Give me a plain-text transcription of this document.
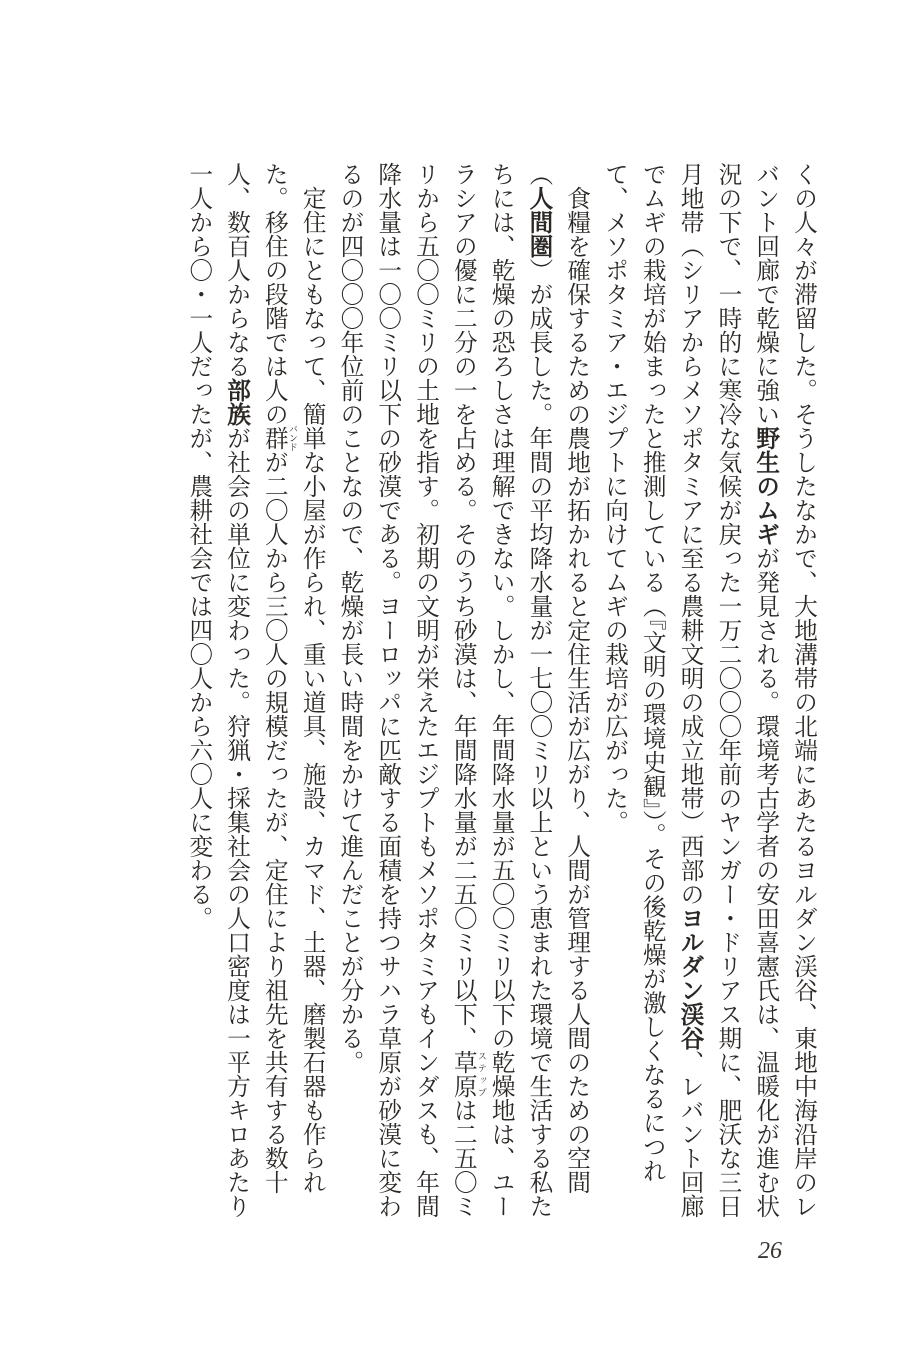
くの人々が滞留した。そうしたなかで、大地溝帯の北端にあたるヨルダン渓谷、東地中海沿岸のレバント回廊で乾燥に強い野生のムギが発見される。環境考古学者の安田喜憲氏は、温暖化が進む状況の下で、一時的に寒冷な気候が戻った一万二〇〇〇年前のヤンガー・ドリアス期に、肥沃な三日月地帯（シリアからメソポタミアに至る農耕文明の成立地帯）西部のヨルダン渓谷、レバント回廊でムギの栽培が始まったと推測している（『文明の環境史観』）。その後乾燥が激しくなるにつれて、メソポタミア・エジプトに向けてムギの栽培が広がった。

食糧を確保するための農地が拓かれると定住生活が広がり、人間が管理する人間のための空間（人間圏）が成長した。年間の平均降水量が一七〇〇ミリ以上という恵まれた環境で生活する私たちには、乾燥の恐ろしさは理解できない。しかし、年間降水量が五〇〇ミリ以下の乾燥地は、ユーラシアの優に二分の一を占める。そのうち砂漠は、年間降水量が二五〇ミリ以下、草原ステップは二五〇ミリから五〇〇ミリの土地を指す。初期の文明が栄えたエジプトもメソポタミアもインダスも、年間降水量は一〇〇ミリ以下の砂漠である。ヨーロッパに匹敵する面積を持つサハラ草原が砂漠に変わるのが四〇〇〇年位前のことなので、乾燥が長い時間をかけて進んだことが分かる。

定住にともなって、簡単な小屋が作られ、重い道具、施設、カマド、土器、磨製石器も作られた。移住の段階では人の群バンドが二〇人から三〇人の規模だったが、定住により祖先を共有する数十人、数百人からなる部族が社会の単位に変わった。狩猟・採集社会の人口密度は一平方キロあたり一人から〇・一人だったが、農耕社会では四〇人から六〇人に変わる。

26
